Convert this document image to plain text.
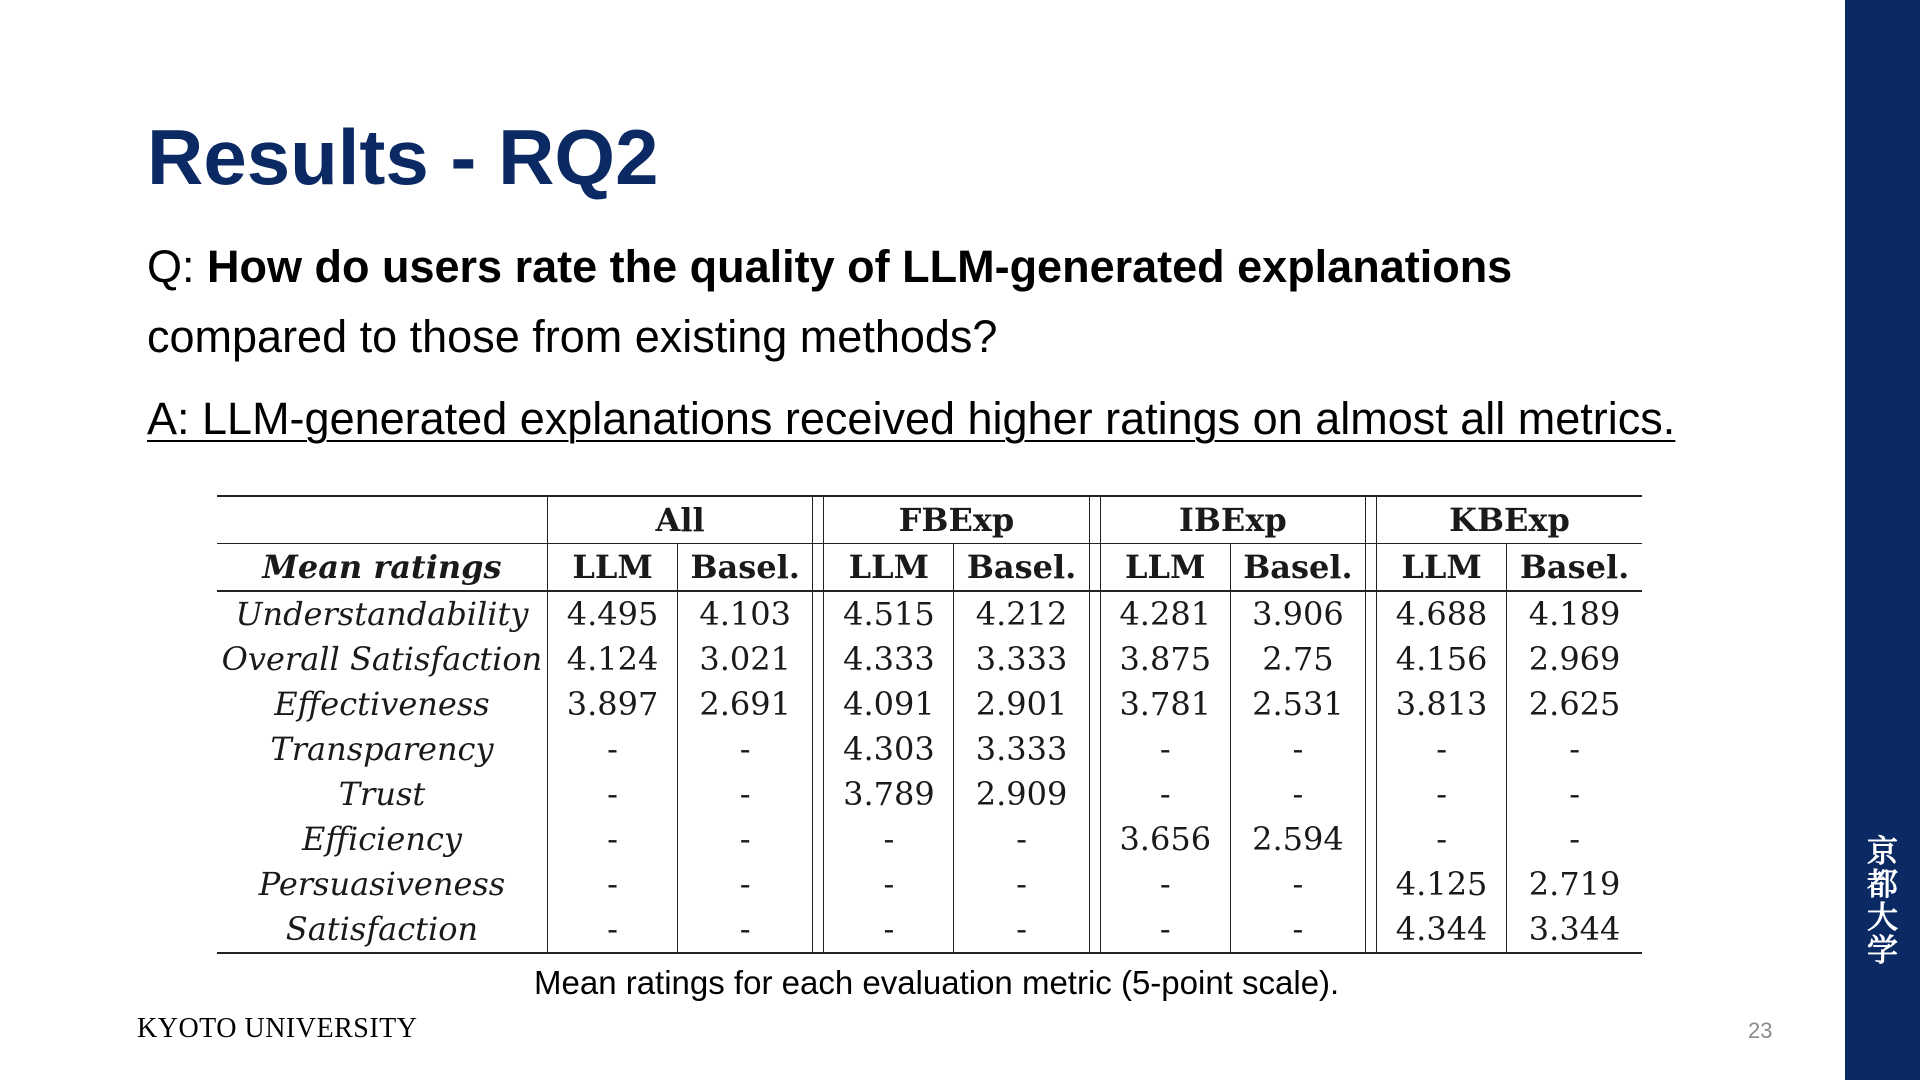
Results - RQ2
Q: How do users rate the quality of LLM-generated explanations
compared to those from existing methods?
A: LLM-generated explanations received higher ratings on almost all metrics.
	All			FBExp			IBExp			KBExp	
Mean ratings	LLM	Basel.		LLM	Basel.		LLM	Basel.		LLM	Basel.
Understandability	4.495	4.103		4.515	4.212		4.281	3.906		4.688	4.189
Overall Satisfaction	4.124	3.021		4.333	3.333		3.875	2.75		4.156	2.969
Effectiveness	3.897	2.691		4.091	2.901		3.781	2.531		3.813	2.625
Transparency	-	-		4.303	3.333		-	-		-	-
Trust	-	-		3.789	2.909		-	-		-	-
Efficiency	-	-		-	-		3.656	2.594		-	-
Persuasiveness	-	-		-	-		-	-		4.125	2.719
Satisfaction	-	-		-	-		-	-		4.344	3.344
Mean ratings for each evaluation metric (5-point scale).
KYOTO UNIVERSITY	23
京
都
大
学
